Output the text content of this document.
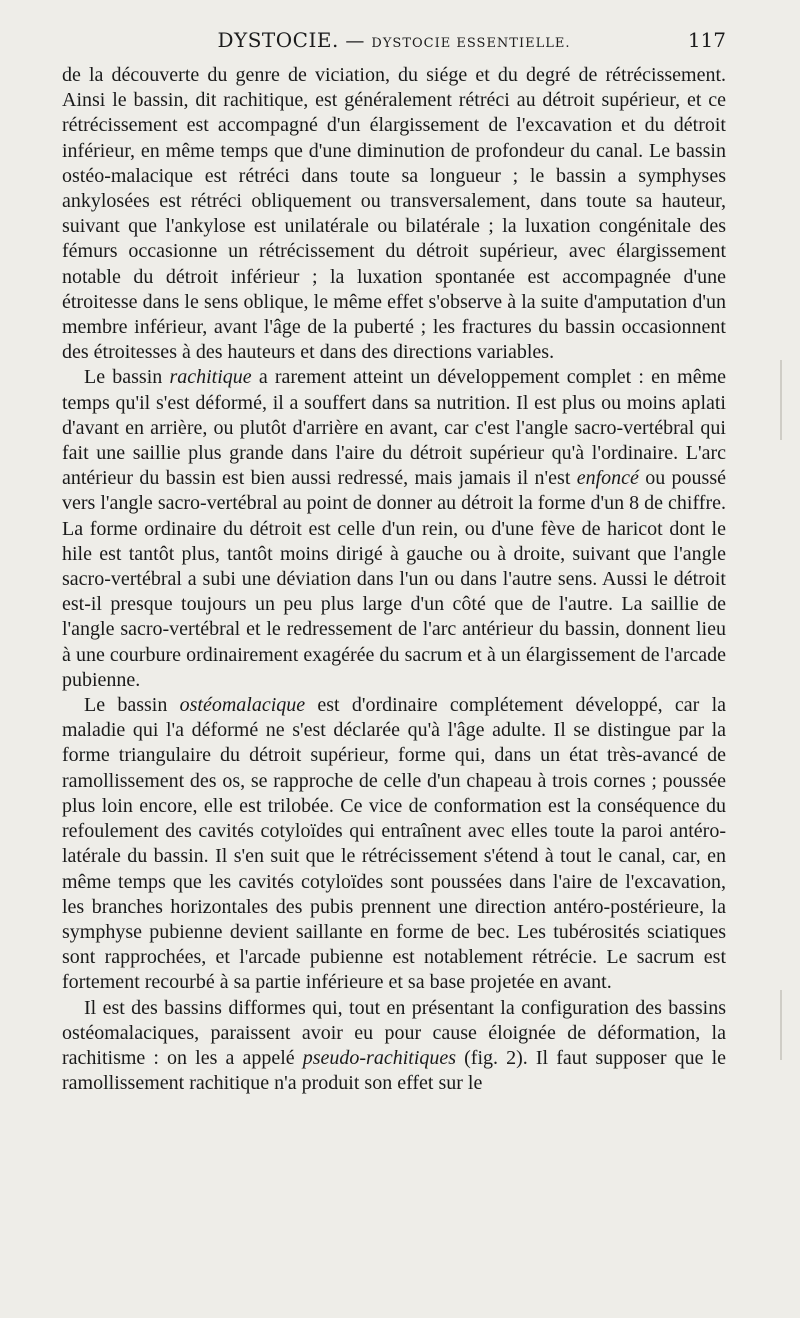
DYSTOCIE. — DYSTOCIE ESSENTIELLE.	117

de la découverte du genre de viciation, du siége et du degré de rétrécissement. Ainsi le bassin, dit rachitique, est généralement rétréci au détroit supérieur, et ce rétrécissement est accompagné d'un élargissement de l'excavation et du détroit inférieur, en même temps que d'une diminution de profondeur du canal. Le bassin ostéo-malacique est rétréci dans toute sa longueur ; le bassin a symphyses ankylosées est rétréci obliquement ou transversalement, dans toute sa hauteur, suivant que l'ankylose est unilatérale ou bilatérale ; la luxation congénitale des fémurs occasionne un rétrécissement du détroit supérieur, avec élargissement notable du détroit inférieur ; la luxation spontanée est accompagnée d'une étroitesse dans le sens oblique, le même effet s'observe à la suite d'amputation d'un membre inférieur, avant l'âge de la puberté ; les fractures du bassin occasionnent des étroitesses à des hauteurs et dans des directions variables.

Le bassin rachitique a rarement atteint un développement complet : en même temps qu'il s'est déformé, il a souffert dans sa nutrition. Il est plus ou moins aplati d'avant en arrière, ou plutôt d'arrière en avant, car c'est l'angle sacro-vertébral qui fait une saillie plus grande dans l'aire du détroit supérieur qu'à l'ordinaire. L'arc antérieur du bassin est bien aussi redressé, mais jamais il n'est enfoncé ou poussé vers l'angle sacro-vertébral au point de donner au détroit la forme d'un 8 de chiffre. La forme ordinaire du détroit est celle d'un rein, ou d'une fève de haricot dont le hile est tantôt plus, tantôt moins dirigé à gauche ou à droite, suivant que l'angle sacro-vertébral a subi une déviation dans l'un ou dans l'autre sens. Aussi le détroit est-il presque toujours un peu plus large d'un côté que de l'autre. La saillie de l'angle sacro-vertébral et le redressement de l'arc antérieur du bassin, donnent lieu à une courbure ordinairement exagérée du sacrum et à un élargissement de l'arcade pubienne.

Le bassin ostéomalacique est d'ordinaire complétement développé, car la maladie qui l'a déformé ne s'est déclarée qu'à l'âge adulte. Il se distingue par la forme triangulaire du détroit supérieur, forme qui, dans un état très-avancé de ramollissement des os, se rapproche de celle d'un chapeau à trois cornes ; poussée plus loin encore, elle est trilobée. Ce vice de conformation est la conséquence du refoulement des cavités cotyloïdes qui entraînent avec elles toute la paroi antéro-latérale du bassin. Il s'en suit que le rétrécissement s'étend à tout le canal, car, en même temps que les cavités cotyloïdes sont poussées dans l'aire de l'excavation, les branches horizontales des pubis prennent une direction antéro-postérieure, la symphyse pubienne devient saillante en forme de bec. Les tubérosités sciatiques sont rapprochées, et l'arcade pubienne est notablement rétrécie. Le sacrum est fortement recourbé à sa partie inférieure et sa base projetée en avant.

Il est des bassins difformes qui, tout en présentant la configuration des bassins ostéomalaciques, paraissent avoir eu pour cause éloignée de déformation, la rachitisme : on les a appelé pseudo-rachitiques (fig. 2). Il faut supposer que le ramollissement rachitique n'a produit son effet sur le
